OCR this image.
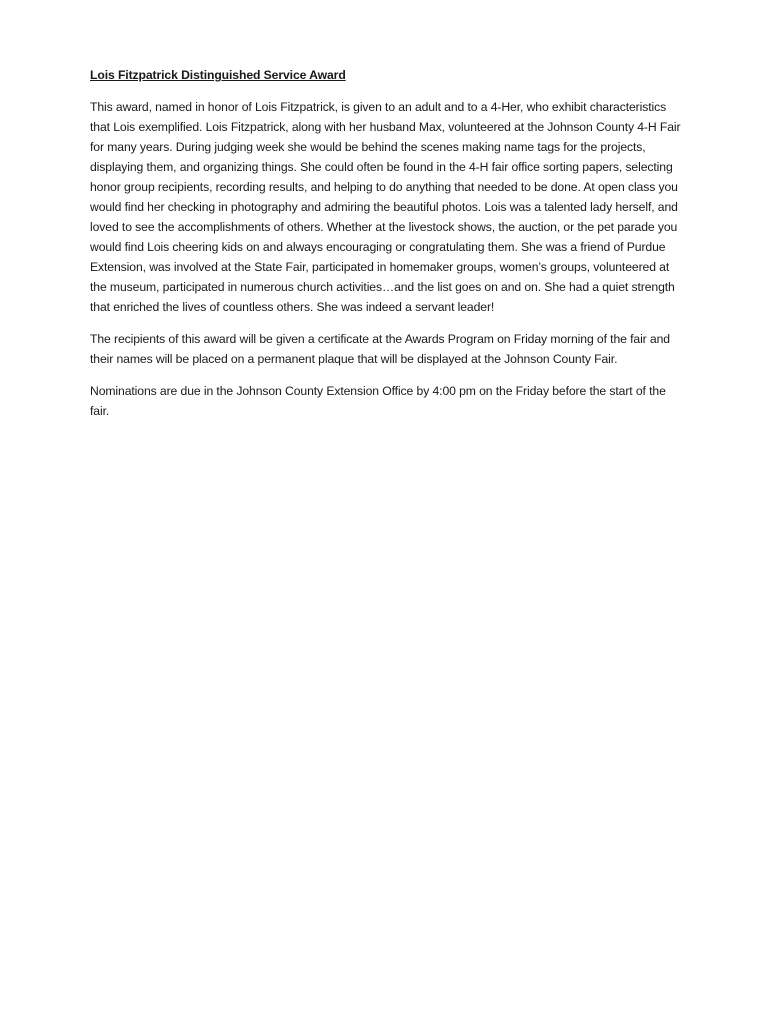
Lois Fitzpatrick Distinguished Service Award

This award, named in honor of Lois Fitzpatrick, is given to an adult and to a 4-Her, who exhibit characteristics that Lois exemplified. Lois Fitzpatrick, along with her husband Max, volunteered at the Johnson County 4-H Fair for many years. During judging week she would be behind the scenes making name tags for the projects, displaying them, and organizing things. She could often be found in the 4-H fair office sorting papers, selecting honor group recipients, recording results, and helping to do anything that needed to be done. At open class you would find her checking in photography and admiring the beautiful photos. Lois was a talented lady herself, and loved to see the accomplishments of others. Whether at the livestock shows, the auction, or the pet parade you would find Lois cheering kids on and always encouraging or congratulating them. She was a friend of Purdue Extension, was involved at the State Fair, participated in homemaker groups, women’s groups, volunteered at the museum, participated in numerous church activities…and the list goes on and on. She had a quiet strength that enriched the lives of countless others. She was indeed a servant leader!

The recipients of this award will be given a certificate at the Awards Program on Friday morning of the fair and their names will be placed on a permanent plaque that will be displayed at the Johnson County Fair.

Nominations are due in the Johnson County Extension Office by 4:00 pm on the Friday before the start of the fair.
